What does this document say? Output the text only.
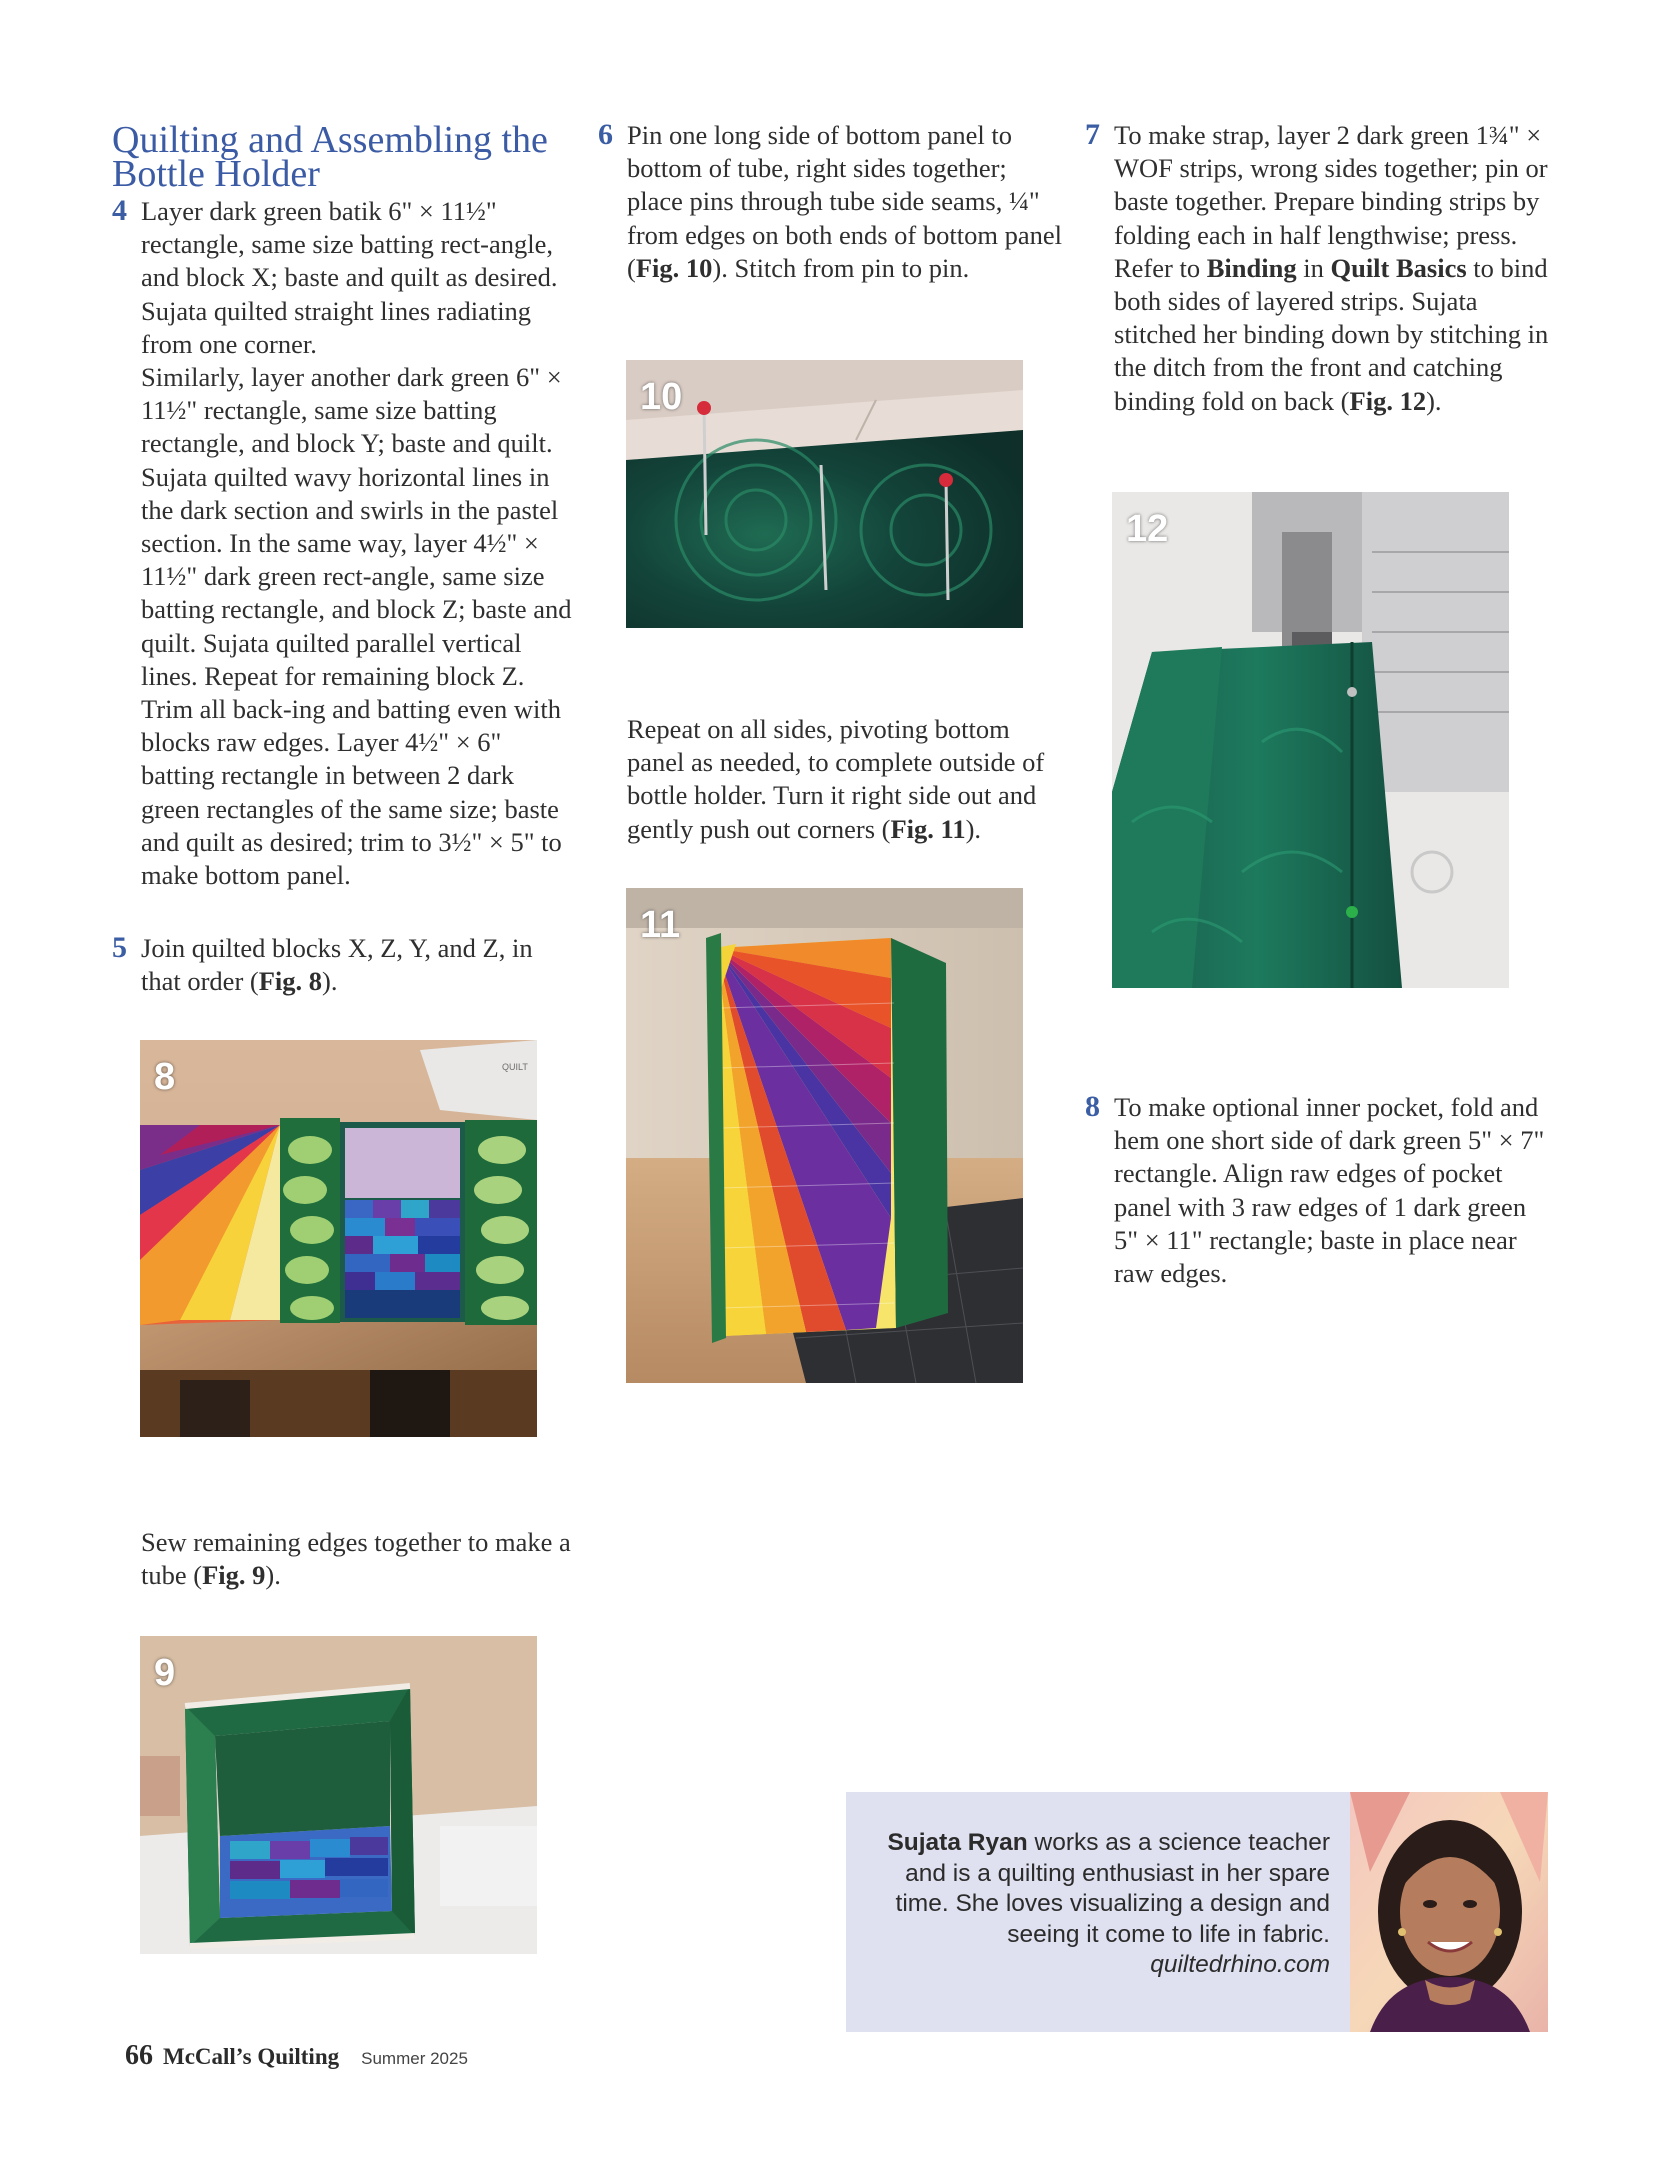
Quilting and Assembling the
Bottle Holder
4 Layer dark green batik 6" × 11½" rectangle, same size batting rect-angle, and block X; baste and quilt as desired. Sujata quilted straight lines radiating from one corner.
Similarly, layer another dark green 6" × 11½" rectangle, same size batting rectangle, and block Y; baste and quilt. Sujata quilted wavy horizontal lines in the dark section and swirls in the pastel section. In the same way, layer 4½" × 11½" dark green rect-angle, same size batting rectangle, and block Z; baste and quilt. Sujata quilted parallel vertical lines. Repeat for remaining block Z. Trim all back-ing and batting even with blocks raw edges. Layer 4½" × 6" batting rectangle in between 2 dark green rectangles of the same size; baste and quilt as desired; trim to 3½" × 5" to make bottom panel.
5 Join quilted blocks X, Z, Y, and Z, in that order (Fig. 8).
QUILT
8
Sew remaining edges together to make a tube (Fig. 9).
9
6 Pin one long side of bottom panel to bottom of tube, right sides together; place pins through tube side seams, ¼" from edges on both ends of bottom panel (Fig. 10). Stitch from pin to pin.
10
Repeat on all sides, pivoting bottom panel as needed, to complete outside of bottle holder. Turn it right side out and gently push out corners (Fig. 11).
11
7 To make strap, layer 2 dark green 1¾" × WOF strips, wrong sides together; pin or baste together. Prepare binding strips by folding each in half lengthwise; press. Refer to Binding in Quilt Basics to bind both sides of layered strips. Sujata stitched her binding down by stitching in the ditch from the front and catching binding fold on back (Fig. 12).
12
8 To make optional inner pocket, fold and hem one short side of dark green 5" × 7" rectangle. Align raw edges of pocket panel with 3 raw edges of 1 dark green 5" × 11" rectangle; baste in place near raw edges.
Sujata Ryan works as a science teacher and is a quilting enthusiast in her spare time. She loves visualizing a design and seeing it come to life in fabric.
quiltedrhino.com
66 McCall’s Quilting Summer 2025
